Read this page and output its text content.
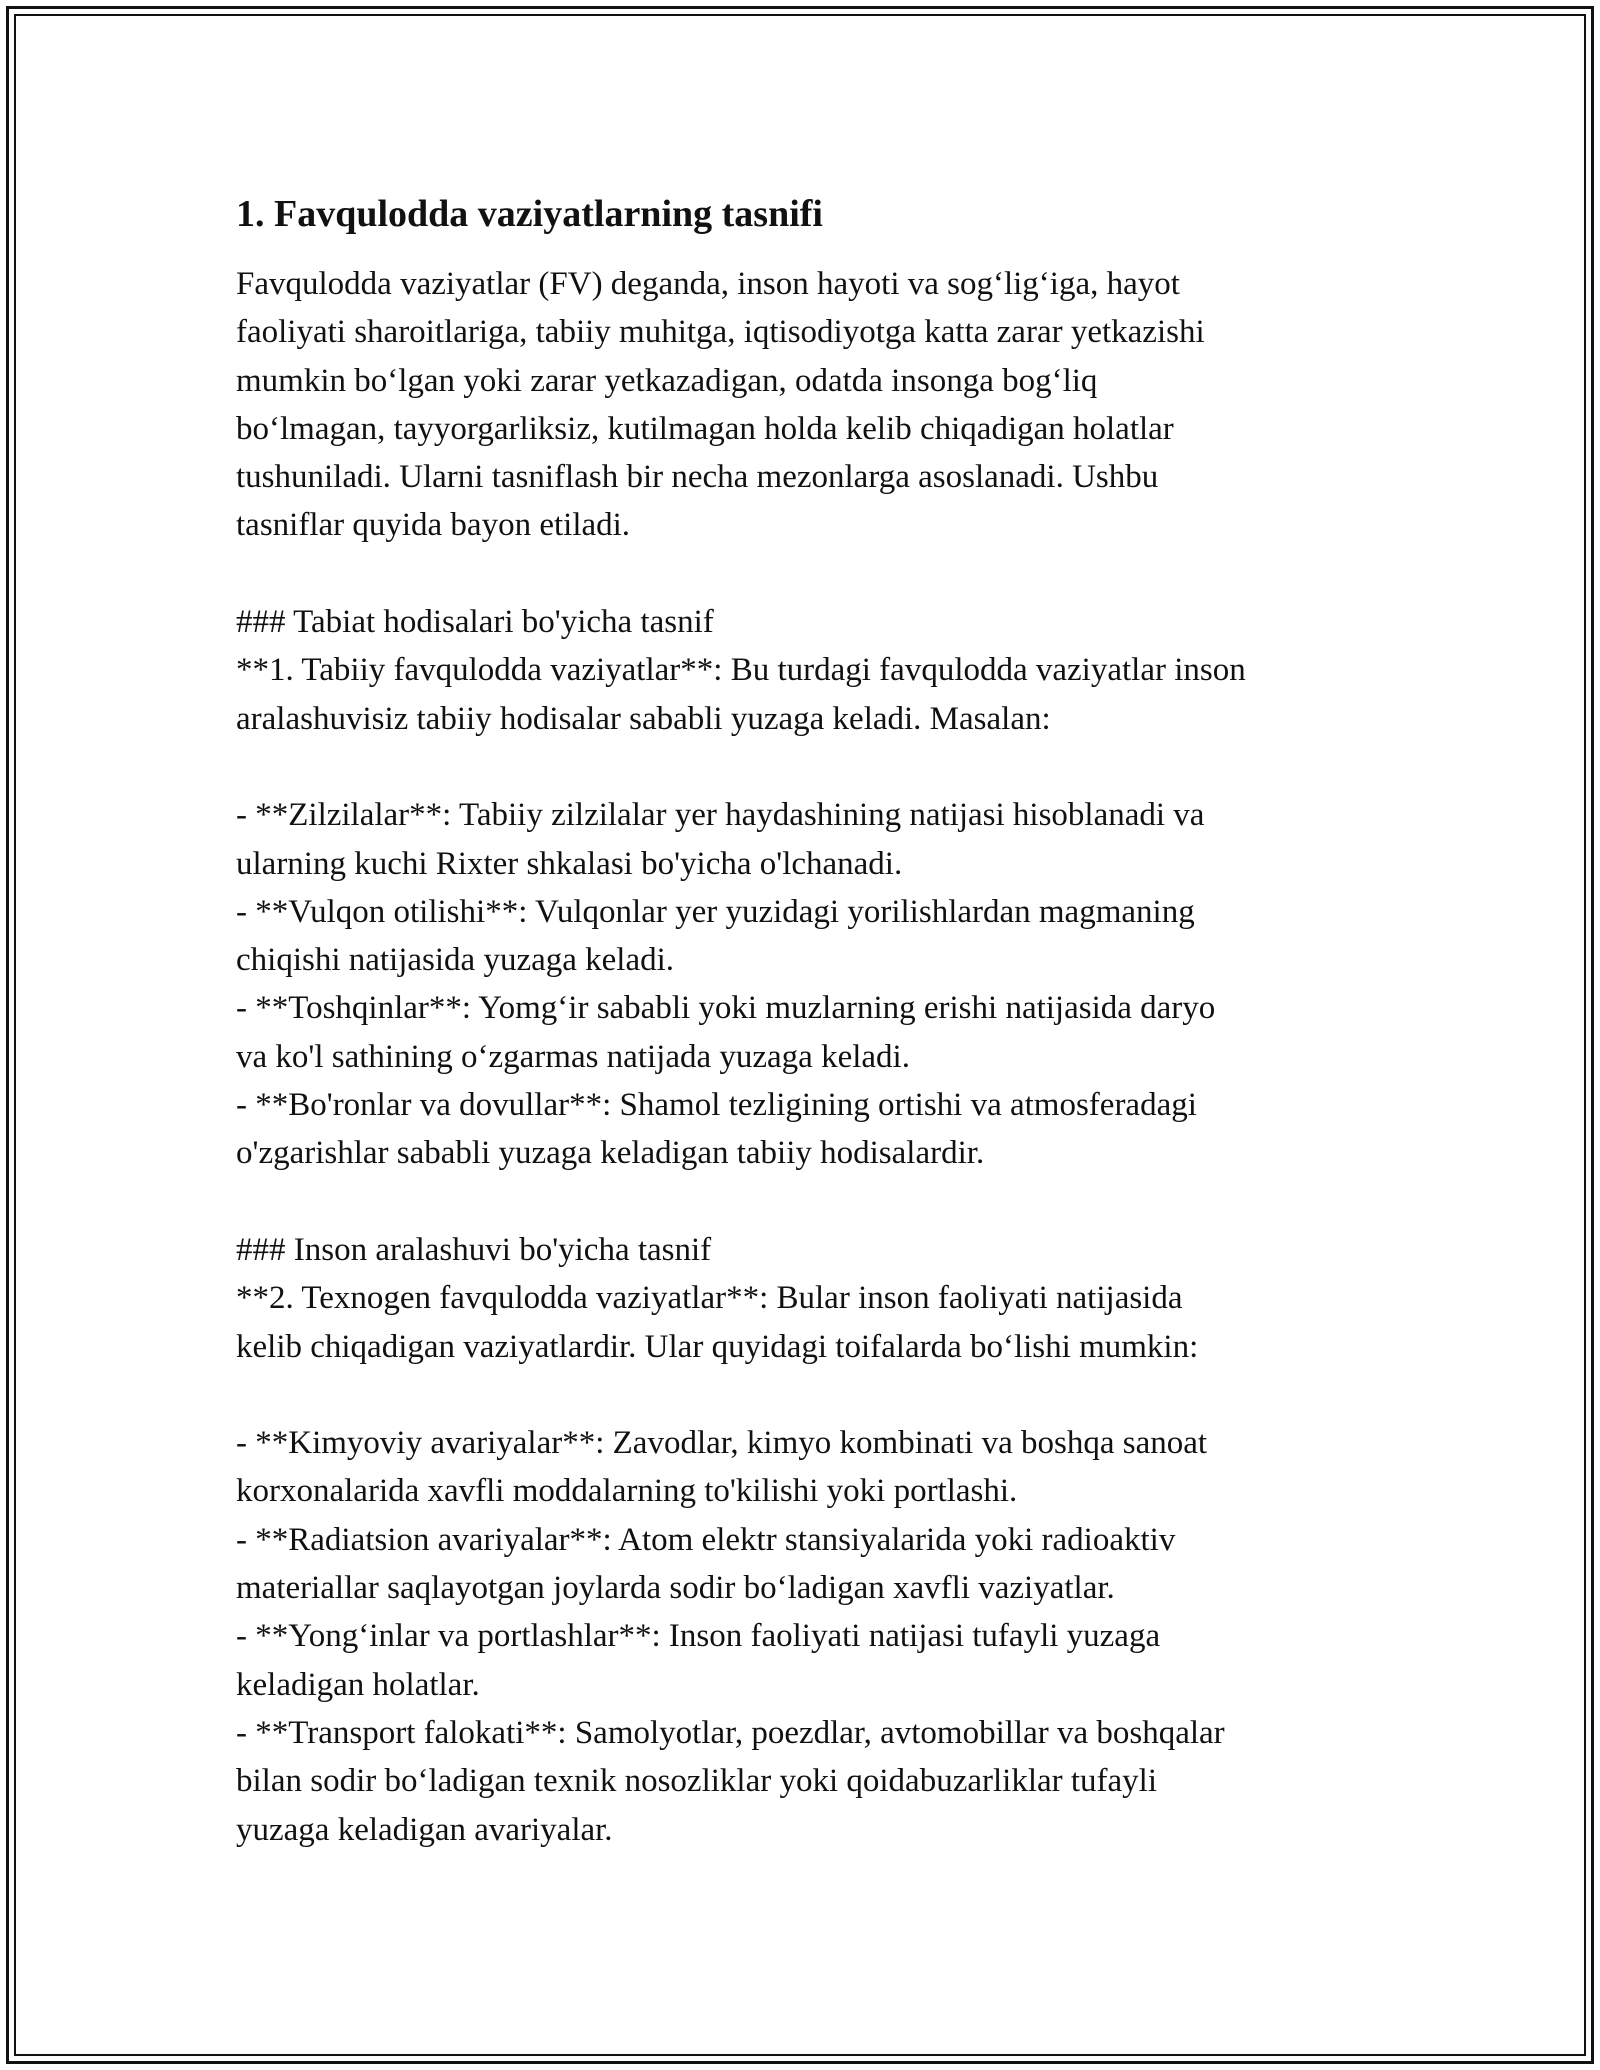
1. Favqulodda vaziyatlarning tasnifi
Favqulodda vaziyatlar (FV) deganda, inson hayoti va sog‘lig‘iga, hayot
faoliyati sharoitlariga, tabiiy muhitga, iqtisodiyotga katta zarar yetkazishi
mumkin bo‘lgan yoki zarar yetkazadigan, odatda insonga bog‘liq
bo‘lmagan, tayyorgarliksiz, kutilmagan holda kelib chiqadigan holatlar
tushuniladi. Ularni tasniflash bir necha mezonlarga asoslanadi. Ushbu
tasniflar quyida bayon etiladi.
### Tabiat hodisalari bo'yicha tasnif
**1. Tabiiy favqulodda vaziyatlar**: Bu turdagi favqulodda vaziyatlar inson
aralashuvisiz tabiiy hodisalar sababli yuzaga keladi. Masalan:
- **Zilzilalar**: Tabiiy zilzilalar yer haydashining natijasi hisoblanadi va
ularning kuchi Rixter shkalasi bo'yicha o'lchanadi.
- **Vulqon otilishi**: Vulqonlar yer yuzidagi yorilishlardan magmaning
chiqishi natijasida yuzaga keladi.
- **Toshqinlar**: Yomg‘ir sababli yoki muzlarning erishi natijasida daryo
va ko'l sathining o‘zgarmas natijada yuzaga keladi.
- **Bo'ronlar va dovullar**: Shamol tezligining ortishi va atmosferadagi
o'zgarishlar sababli yuzaga keladigan tabiiy hodisalardir.
### Inson aralashuvi bo'yicha tasnif
**2. Texnogen favqulodda vaziyatlar**: Bular inson faoliyati natijasida
kelib chiqadigan vaziyatlardir. Ular quyidagi toifalarda bo‘lishi mumkin:
- **Kimyoviy avariyalar**: Zavodlar, kimyo kombinati va boshqa sanoat
korxonalarida xavfli moddalarning to'kilishi yoki portlashi.
- **Radiatsion avariyalar**: Atom elektr stansiyalarida yoki radioaktiv
materiallar saqlayotgan joylarda sodir bo‘ladigan xavfli vaziyatlar.
- **Yong‘inlar va portlashlar**: Inson faoliyati natijasi tufayli yuzaga
keladigan holatlar.
- **Transport falokati**: Samolyotlar, poezdlar, avtomobillar va boshqalar
bilan sodir bo‘ladigan texnik nosozliklar yoki qoidabuzarliklar tufayli
yuzaga keladigan avariyalar.
